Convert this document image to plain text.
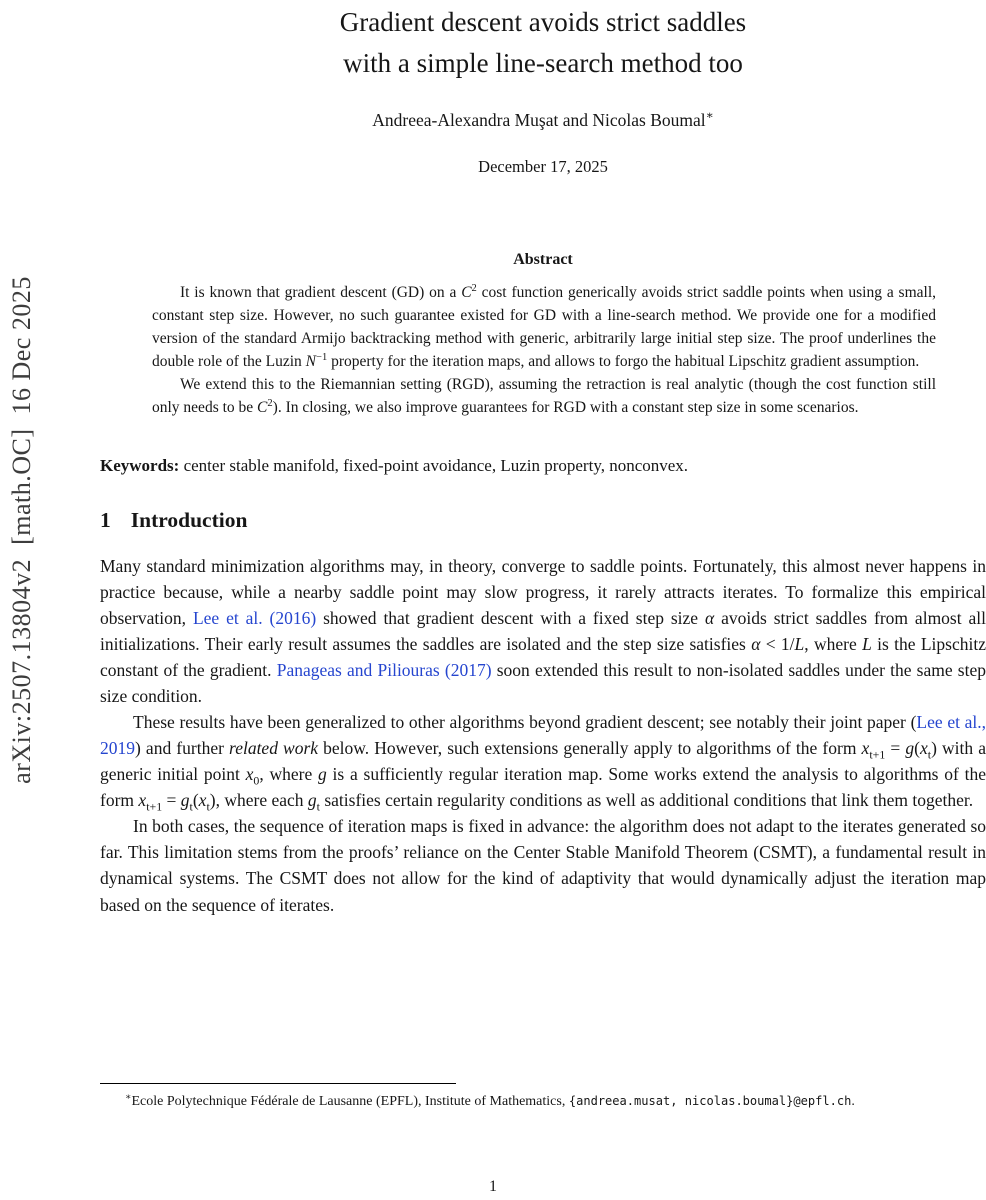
arXiv:2507.13804v2  [math.OC]  16 Dec 2025
Gradient descent avoids strict saddles
with a simple line-search method too
Andreea-Alexandra Muşat and Nicolas Boumal∗
December 17, 2025
Abstract

It is known that gradient descent (GD) on a $C^2$ cost function generically avoids strict saddle points when using a small, constant step size. However, no such guarantee existed for GD with a line-search method. We provide one for a modified version of the standard Armijo backtracking method with generic, arbitrarily large initial step size. The proof underlines the double role of the Luzin $N^{-1}$ property for the iteration maps, and allows to forgo the habitual Lipschitz gradient assumption.

We extend this to the Riemannian setting (RGD), assuming the retraction is real analytic (though the cost function still only needs to be $C^2$). In closing, we also improve guarantees for RGD with a constant step size in some scenarios.

Keywords: center stable manifold, fixed-point avoidance, Luzin property, nonconvex.
1 Introduction

Many standard minimization algorithms may, in theory, converge to saddle points. Fortunately, this almost never happens in practice because, while a nearby saddle point may slow progress, it rarely attracts iterates. To formalize this empirical observation, Lee et al. (2016) showed that gradient descent with a fixed step size α avoids strict saddles from almost all initializations. Their early result assumes the saddles are isolated and the step size satisfies α < 1/L, where L is the Lipschitz constant of the gradient. Panageas and Piliouras (2017) soon extended this result to non-isolated saddles under the same step size condition.

These results have been generalized to other algorithms beyond gradient descent; see notably their joint paper (Lee et al., 2019) and further related work below. However, such extensions generally apply to algorithms of the form $x_{t+1} = g(x_t)$ with a generic initial point $x_0$, where g is a sufficiently regular iteration map. Some works extend the analysis to algorithms of the form $x_{t+1} = g_t(x_t)$, where each $g_t$ satisfies certain regularity conditions as well as additional conditions that link them together.

In both cases, the sequence of iteration maps is fixed in advance: the algorithm does not adapt to the iterates generated so far. This limitation stems from the proofs’ reliance on the Center Stable Manifold Theorem (CSMT), a fundamental result in dynamical systems. The CSMT does not allow for the kind of adaptivity that would dynamically adjust the iteration map based on the sequence of iterates.

∗Ecole Polytechnique Fédérale de Lausanne (EPFL), Institute of Mathematics, {andreea.musat, nicolas.boumal}@epfl.ch.

1
